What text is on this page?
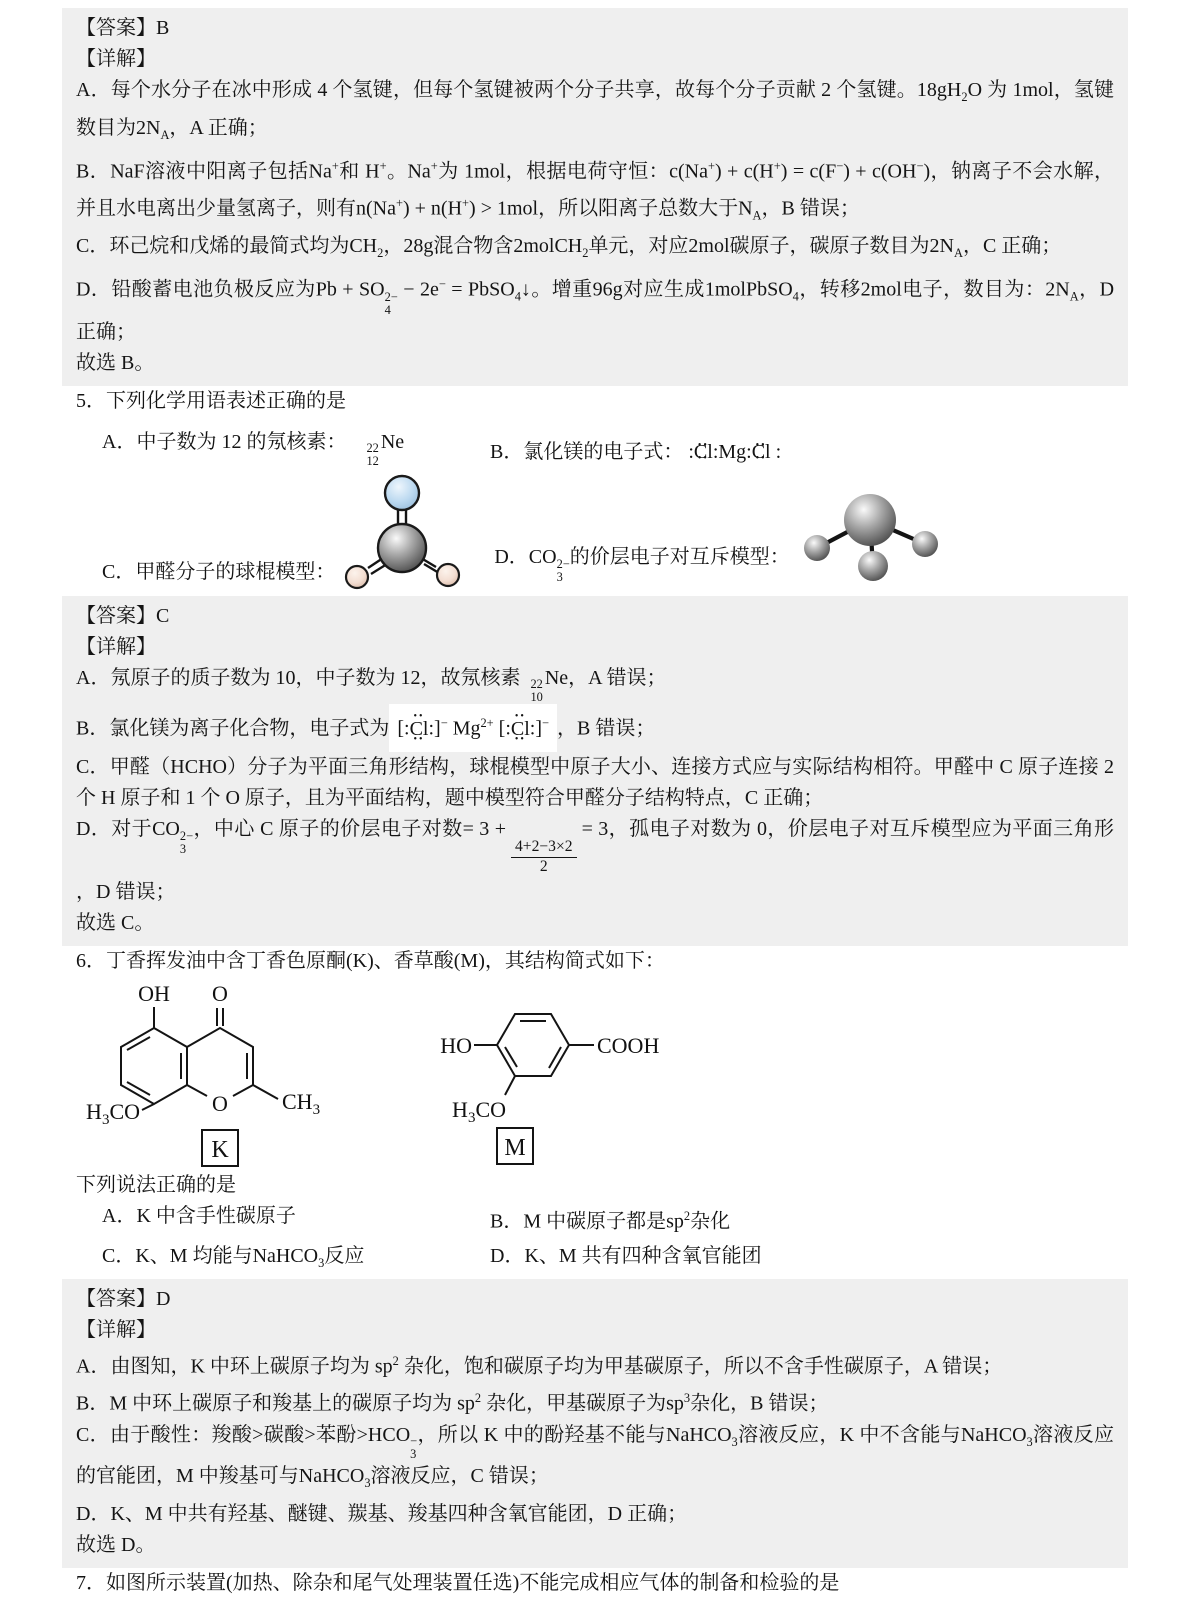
【答案】B

【详解】

A．每个水分子在冰中形成 4 个氢键，但每个氢键被两个分子共享，故每个分子贡献 2 个氢键。$18gH_2O$ 为 1mol，氢键数目为$2N_A$，A 正确；

B．NaF溶液中阳离子包括Na+和 H+。Na+为 1mol，根据电荷守恒：c(Na+) + c(H+) = c(F−) + c(OH−)，钠离子不会水解，并且水电离出少量氢离子，则有n(Na+) + n(H+) > 1mol，所以阳离子总数大于$N_A$，B 错误；

C．环己烷和戊烯的最简式均为$CH_2$，28g混合物含2molCH$_2$单元，对应2mol碳原子，碳原子数目为$2N_A$，C 正确；

D．铅酸蓄电池负极反应为Pb + SO 2−
4
− 2e− = PbSO$_4$↓。增重96g对应生成1molPbSO$_4$，转移2mol电子，数目为：$2N_A$，D 正确；

故选 B。

5．下列化学用语表述正确的是

A．中子数为 12 的氖核素： 22
12
Ne	B．氯化镁的电子式： :•• Cl ••:Mg:•• Cl •• :

C．甲醛分子的球棍模型：

D．CO 2−
3
的价层电子对互斥模型：

【答案】C

【详解】

A．氖原子的质子数为 10，中子数为 12，故氖核素 22
10
Ne，A 错误；

B．氯化镁为离子化合物，电子式为 [:•• Cl ••:]− $Mg^{2+}$ [:•• Cl ••:]− ，B 错误；

C．甲醛（HCHO）分子为平面三角形结构，球棍模型中原子大小、连接方式应与实际结构相符。甲醛中 C 原子连接 2 个 H 原子和 1 个 O 原子，且为平面结构，题中模型符合甲醛分子结构特点，C 正确；

D．对于CO 2−
3
，中心 C 原子的价层电子对数= 3 +
$\frac{4+2-3\times 2}{2}$
= 3，孤电子对数为 0，价层电子对互斥模型应为平面三角形 ，D 错误；

故选 C。

6．丁香挥发油中含丁香色原酮(K)、香草酸(M)，其结构简式如下：

OH O
O
$H_3CO$	$CH_3$
K
HO	COOH
$H_3CO$
M

下列说法正确的是

A．K 中含手性碳原子	B．M 中碳原子都是$sp^2$杂化

C．K、M 均能与NaHCO$_3$反应	D．K、M 共有四种含氧官能团

【答案】D

【详解】

A．由图知，K 中环上碳原子均为 $sp^2$ 杂化，饱和碳原子均为甲基碳原子，所以不含手性碳原子，A 错误；

B．M 中环上碳原子和羧基上的碳原子均为 $sp^2$ 杂化，甲基碳原子为$sp^3$杂化，B 错误；

C．由于酸性：羧酸>碳酸>苯酚>HCO −
3
，所以 K 中的酚羟基不能与NaHCO$_3$溶液反应，K 中不含能与NaHCO$_3$溶液反应的官能团，M 中羧基可与NaHCO$_3$溶液反应，C 错误；

D．K、M 中共有羟基、醚键、羰基、羧基四种含氧官能团，D 正确；

故选 D。

7．如图所示装置(加热、除杂和尾气处理装置任选)不能完成相应气体的制备和检验的是
